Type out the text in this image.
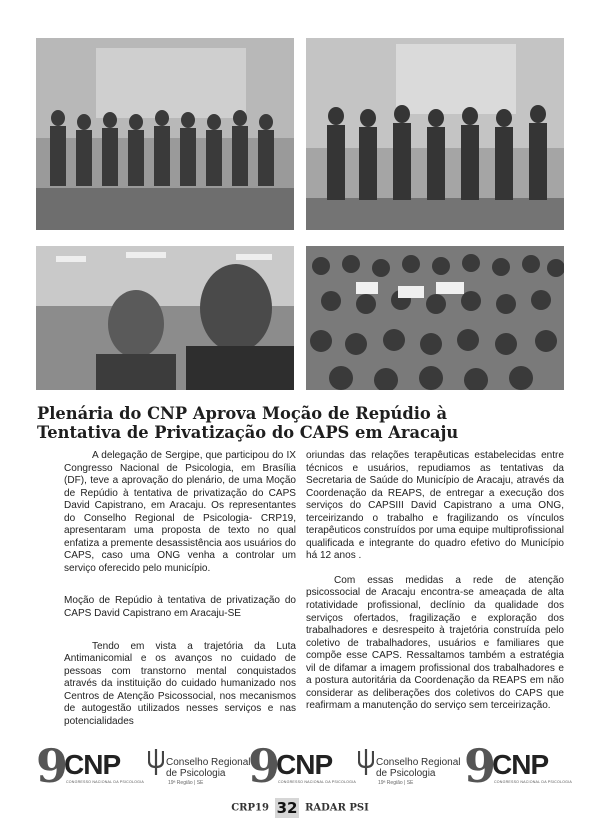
Plenária do CNP Aprova Moção de Repúdio à
Tentativa de Privatização do CAPS em Aracaju

A delegação de Sergipe, que participou do IX Congresso Nacional de Psicologia, em Brasília (DF), teve a aprovação do plenário, de uma Moção de Repúdio à tentativa de privatização do CAPS David Capistrano, em Aracaju. Os representantes do Conselho Regional de Psicologia- CRP19, apresentaram uma proposta de texto no qual enfatiza a premente desassistência aos usuários do CAPS, caso uma ONG venha a controlar um serviço oferecido pelo município.

Moção de Repúdio à tentativa de privatização do CAPS David Capistrano em Aracaju-SE

Tendo em vista a trajetória da Luta Antimanicomial e os avanços no cuidado de pessoas com transtorno mental conquistados através da instituição do cuidado humanizado nos Centros de Atenção Psicossocial, nos mecanismos de autogestão utilizados nesses serviços e nas potencialidades

oriundas das relações terapêuticas estabelecidas entre técnicos e usuários, repudiamos as tentativas da Secretaria de Saúde do Município de Aracaju, através da Coordenação da REAPS, de entregar a execução dos serviços do CAPSIII David Capistrano a uma ONG, terceirizando o trabalho e fragilizando os vínculos terapêuticos construídos por uma equipe multiprofissional qualificada e integrante do quadro efetivo do Município há 12 anos .

Com essas medidas a rede de atenção psicossocial de Aracaju encontra-se ameaçada de alta rotatividade profissional, declínio da qualidade dos serviços ofertados, fragilização e exploração dos trabalhadores e desrespeito à trajetória construída pelo coletivo de trabalhadores, usuários e familiares que compõe esse CAPS. Ressaltamos também a estratégia vil de difamar a imagem profissional dos trabalhadores e a postura autoritária da Coordenação da REAPS em não considerar as deliberações dos coletivos do CAPS que reafirmam a manutenção do serviço sem terceirização.

9
CNP
CONGRESSO NACIONAL DA PSICOLOGIA
Conselho Regional
de Psicologia
19ª Região | SE 9
CNP
CONGRESSO NACIONAL DA PSICOLOGIA
Conselho Regional
de Psicologia
19ª Região | SE 9
CNP
CONGRESSO NACIONAL DA PSICOLOGIA
CRP19 32 RADAR PSI
